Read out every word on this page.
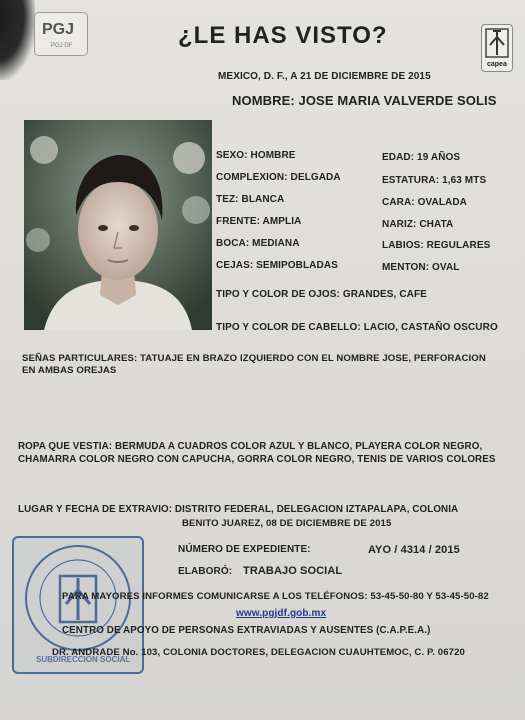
PGJ
PGJ DF	¿LE HAS VISTO?
capea
MEXICO, D. F., A 21 DE DICIEMBRE DE 2015
NOMBRE: JOSE MARIA VALVERDE SOLIS
SEXO: HOMBRE
COMPLEXION: DELGADA
TEZ: BLANCA
FRENTE: AMPLIA
BOCA: MEDIANA
CEJAS: SEMIPOBLADAS
EDAD: 19 AÑOS
ESTATURA: 1,63 MTS
CARA: OVALADA
NARIZ: CHATA
LABIOS: REGULARES
MENTON: OVAL
TIPO Y COLOR DE OJOS: GRANDES, CAFE
TIPO Y COLOR DE CABELLO: LACIO, CASTAÑO OSCURO
SEÑAS PARTICULARES: TATUAJE EN BRAZO IZQUIERDO CON EL NOMBRE JOSE, PERFORACION
EN AMBAS OREJAS
ROPA QUE VESTIA: BERMUDA A CUADROS COLOR AZUL Y BLANCO, PLAYERA COLOR NEGRO,
CHAMARRA COLOR NEGRO CON CAPUCHA, GORRA COLOR NEGRO, TENIS DE VARIOS COLORES
LUGAR Y FECHA DE EXTRAVIO: DISTRITO FEDERAL, DELEGACION IZTAPALAPA, COLONIA
BENITO JUAREZ, 08 DE DICIEMBRE DE 2015
NÚMERO DE EXPEDIENTE:	AYO / 4314 / 2015
ELABORÓ: TRABAJO SOCIAL
SUBDIRECCION SOCIAL
PARA MAYORES INFORMES COMUNICARSE A LOS TELÉFONOS: 53-45-50-80 Y 53-45-50-82
www.pgjdf.gob.mx
CENTRO DE APOYO DE PERSONAS EXTRAVIADAS Y AUSENTES (C.A.P.E.A.)
DR. ANDRADE No. 103, COLONIA DOCTORES, DELEGACION CUAUHTEMOC, C. P. 06720
